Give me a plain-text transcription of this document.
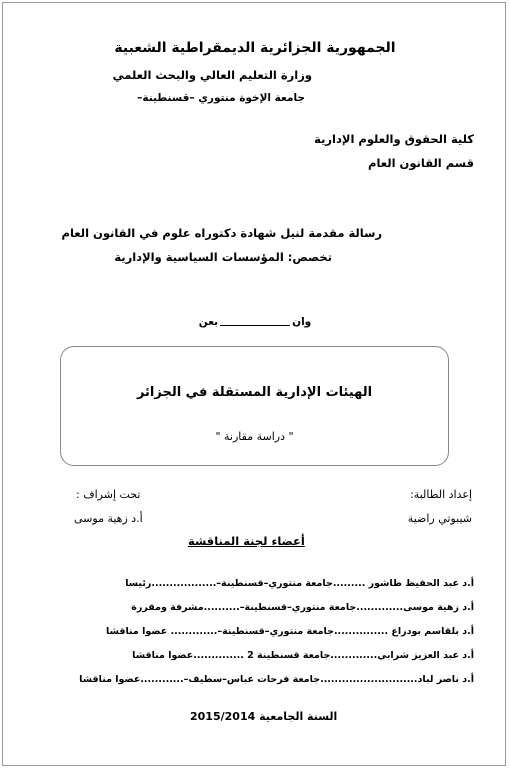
الجمهورية الجزائرية الديمقراطية الشعبية
وزارة التعليم العالي والبحث العلمي
جامعة الإخوة منتوري –قسنطينة–
كلية الحقوق والعلوم الإدارية
قسم القانون العام
رسالة مقدمة لنيل شهادة دكتوراه علوم في القانون العام
تخصص: المؤسسات السياسية والإدارية
وانبعن
الهيئات الإدارية المستقلة في الجزائر
" دراسة مقارنة "
إعداد الطالبة:
شيبوتي راضية
تحت إشراف :
أ.د زهية موسى
أعضاء لجنة المناقشة
أ.د عبد الحفيظ طاشور .........جامعة منتوري–قسنطينة–..................رئيسا
أ.د زهية موسى.............جامعة منتوري–قسنطينة–..........مشرفة ومقررة
أ.د بلقاسم بودراع ...............جامعة منتوري–قسنطينة–............. عضوا مناقشا
أ.د عبد العزيز شرابي.............جامعة قسنطينة 2 ..............عضوا مناقشا
أ.د ناصر لباد...........................جامعة فرحات عباس–سطيف–............عضوا مناقشا
السنة الجامعية 2015/2014
